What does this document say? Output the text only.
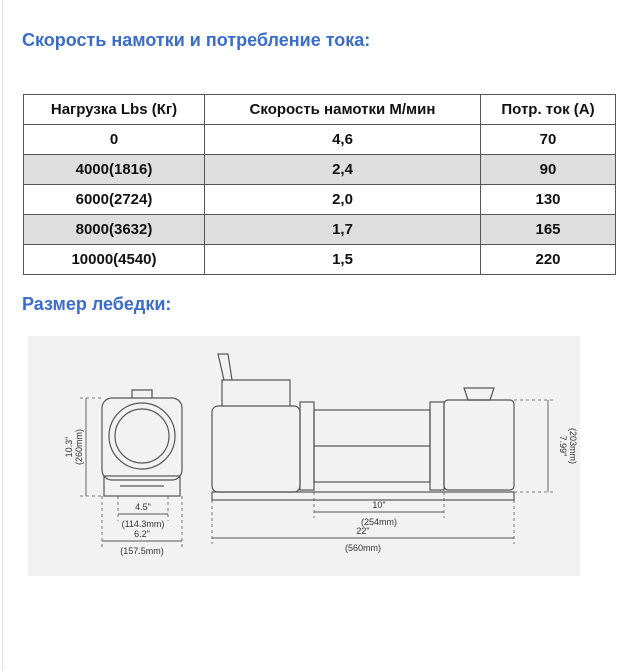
Скорость намотки и потребление тока:
Нагрузка Lbs (Кг)	Скорость намотки М/мин	Потр. ток (А)
0	4,6	70
4000(1816)	2,4	90
6000(2724)	2,0	130
8000(3632)	1,7	165
10000(4540)	1,5	220
Размер лебедки:
10.3" (260mm)
4.5"
(114.3mm)
6.2"
(157.5mm)
10"
(254mm)
22"
(560mm)
7.99" (203mm)
